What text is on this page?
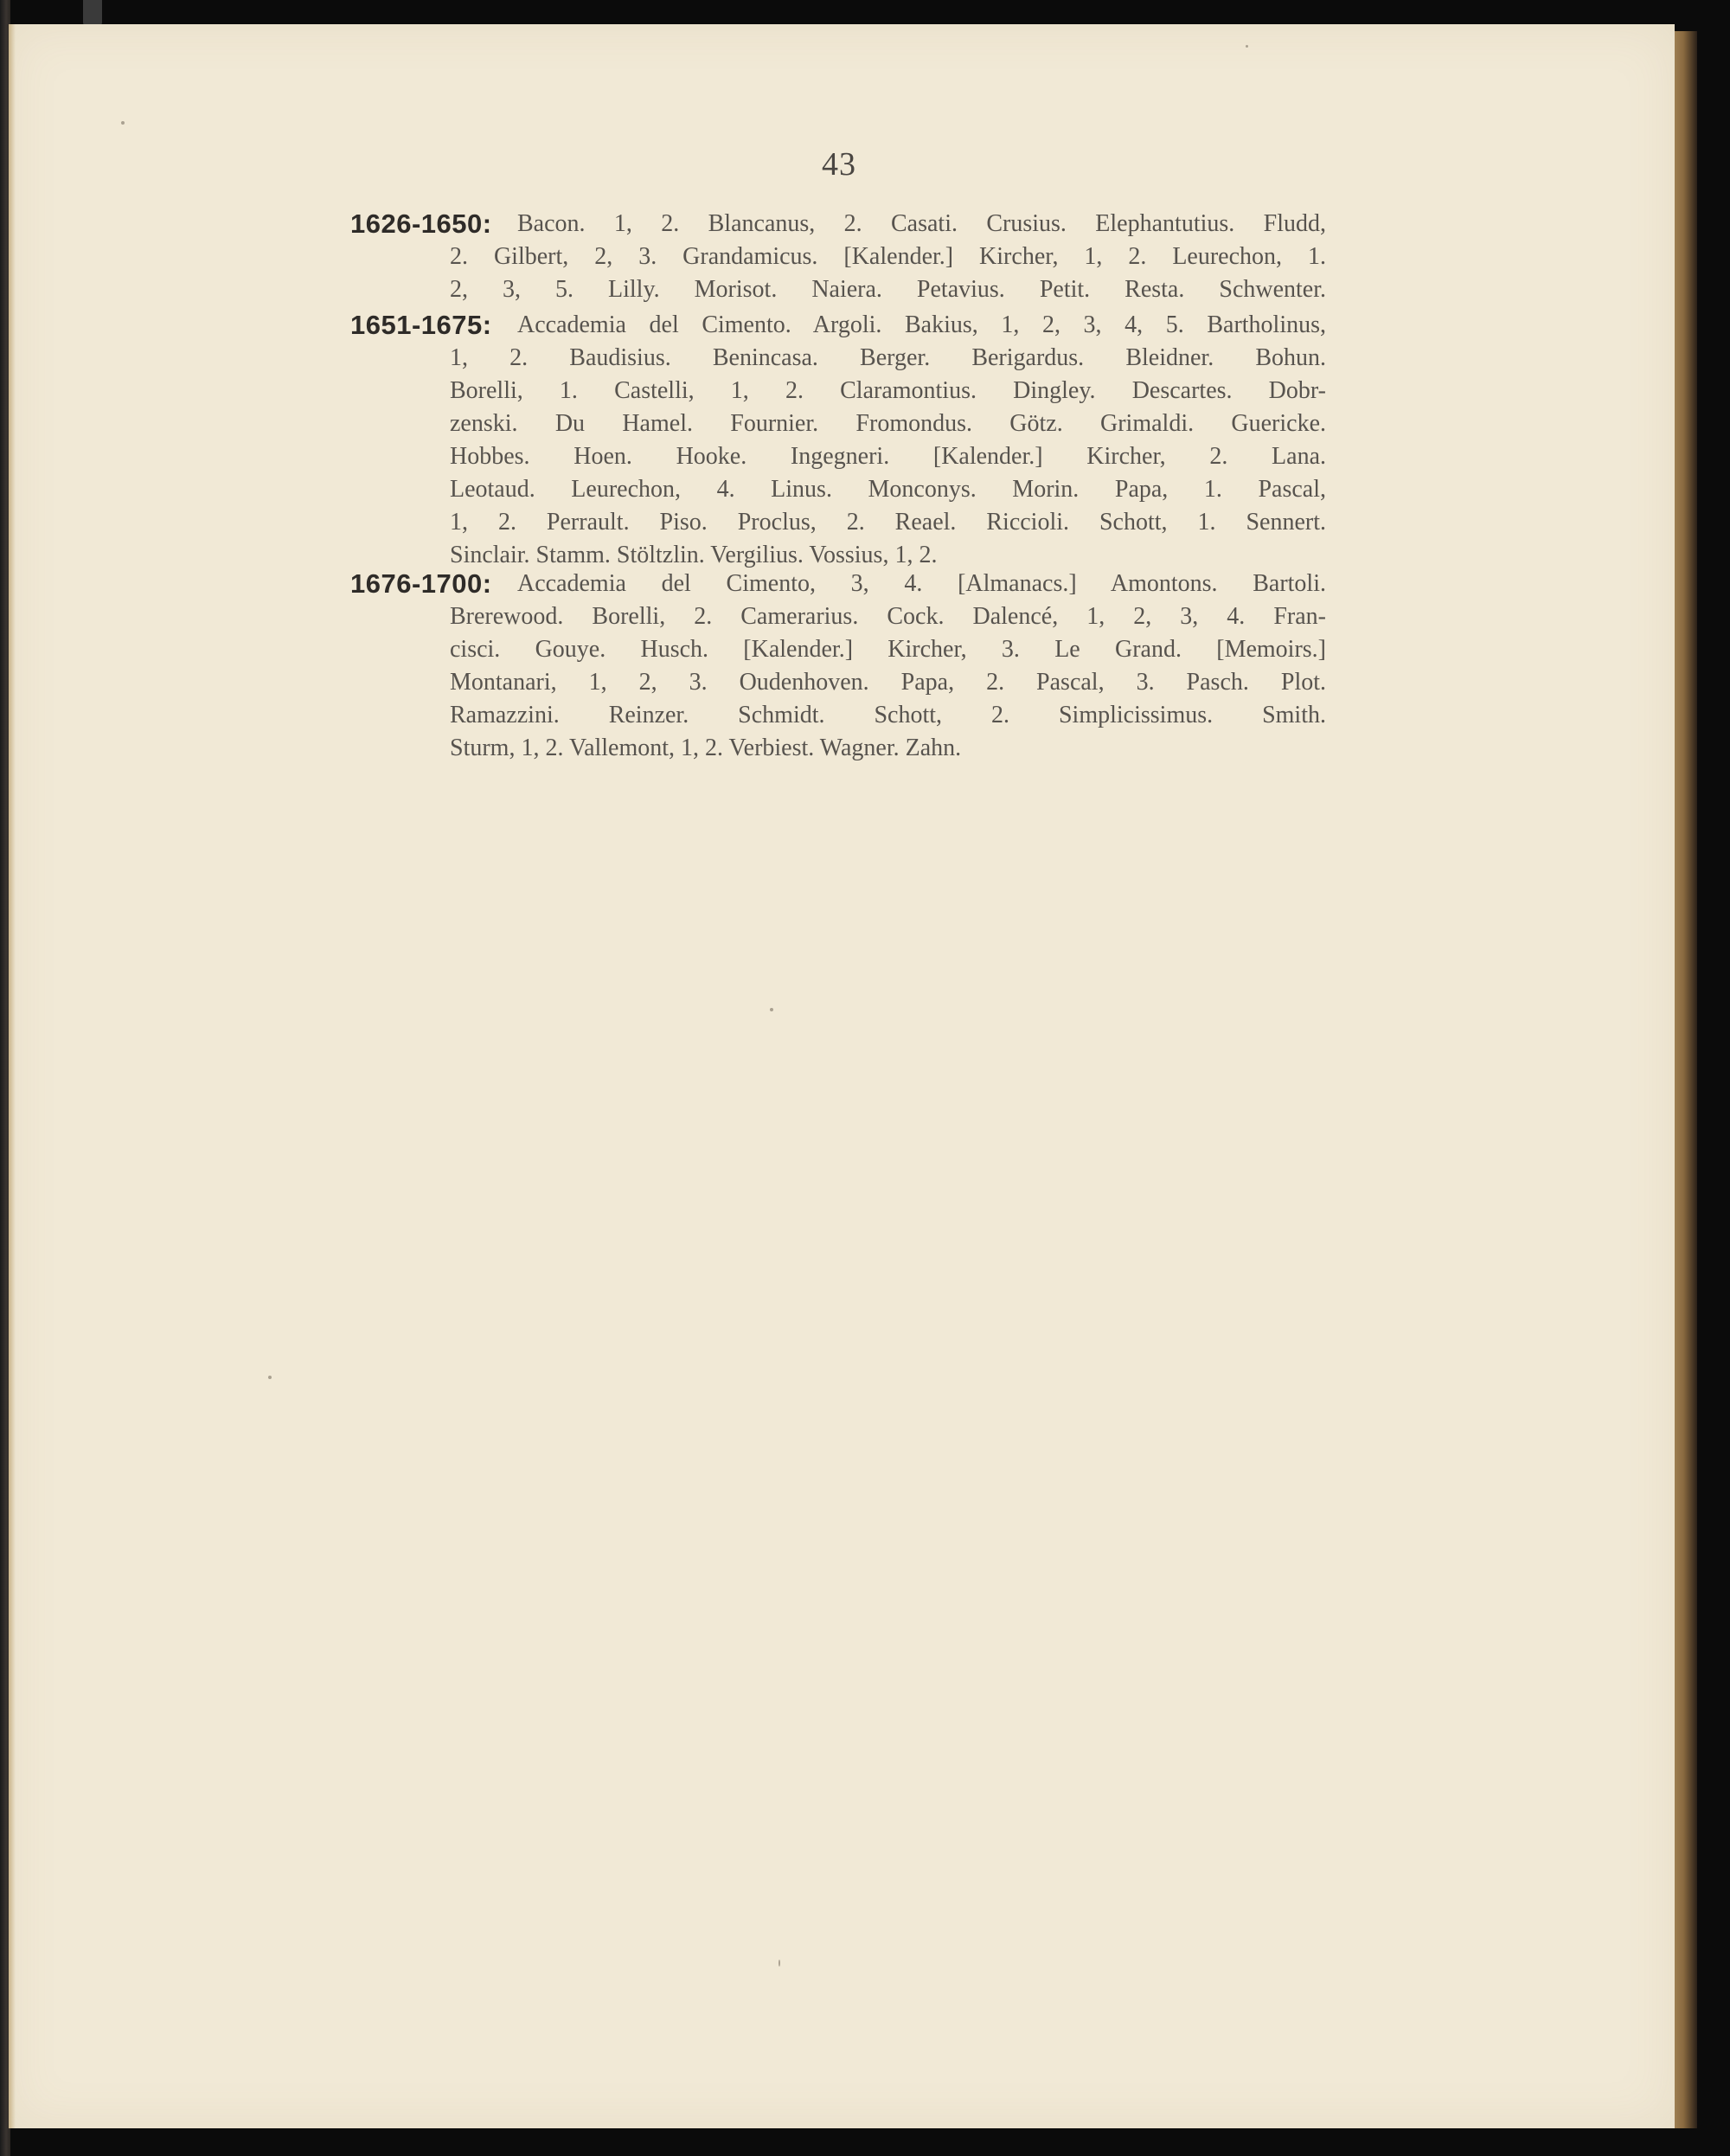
43
1626-1650: Bacon. 1, 2. Blancanus, 2. Casati. Crusius. Elephantutius. Fludd,
2. Gilbert, 2, 3. Grandamicus. [Kalender.] Kircher, 1, 2. Leurechon, 1.
2, 3, 5. Lilly. Morisot. Naiera. Petavius. Petit. Resta. Schwenter.
1651-1675: Accademia del Cimento. Argoli. Bakius, 1, 2, 3, 4, 5. Bartholinus,
1, 2. Baudisius. Benincasa. Berger. Berigardus. Bleidner. Bohun.
Borelli, 1. Castelli, 1, 2. Claramontius. Dingley. Descartes. Dobr-
zenski. Du Hamel. Fournier. Fromondus. Götz. Grimaldi. Guericke.
Hobbes. Hoen. Hooke. Ingegneri. [Kalender.] Kircher, 2. Lana.
Leotaud. Leurechon, 4. Linus. Monconys. Morin. Papa, 1. Pascal,
1, 2. Perrault. Piso. Proclus, 2. Reael. Riccioli. Schott, 1. Sennert.
Sinclair. Stamm. Stöltzlin. Vergilius. Vossius, 1, 2.
1676-1700: Accademia del Cimento, 3, 4. [Almanacs.] Amontons. Bartoli.
Brerewood. Borelli, 2. Camerarius. Cock. Dalencé, 1, 2, 3, 4. Fran-
cisci. Gouye. Husch. [Kalender.] Kircher, 3. Le Grand. [Memoirs.]
Montanari, 1, 2, 3. Oudenhoven. Papa, 2. Pascal, 3. Pasch. Plot.
Ramazzini. Reinzer. Schmidt. Schott, 2. Simplicissimus. Smith.
Sturm, 1, 2. Vallemont, 1, 2. Verbiest. Wagner. Zahn.
